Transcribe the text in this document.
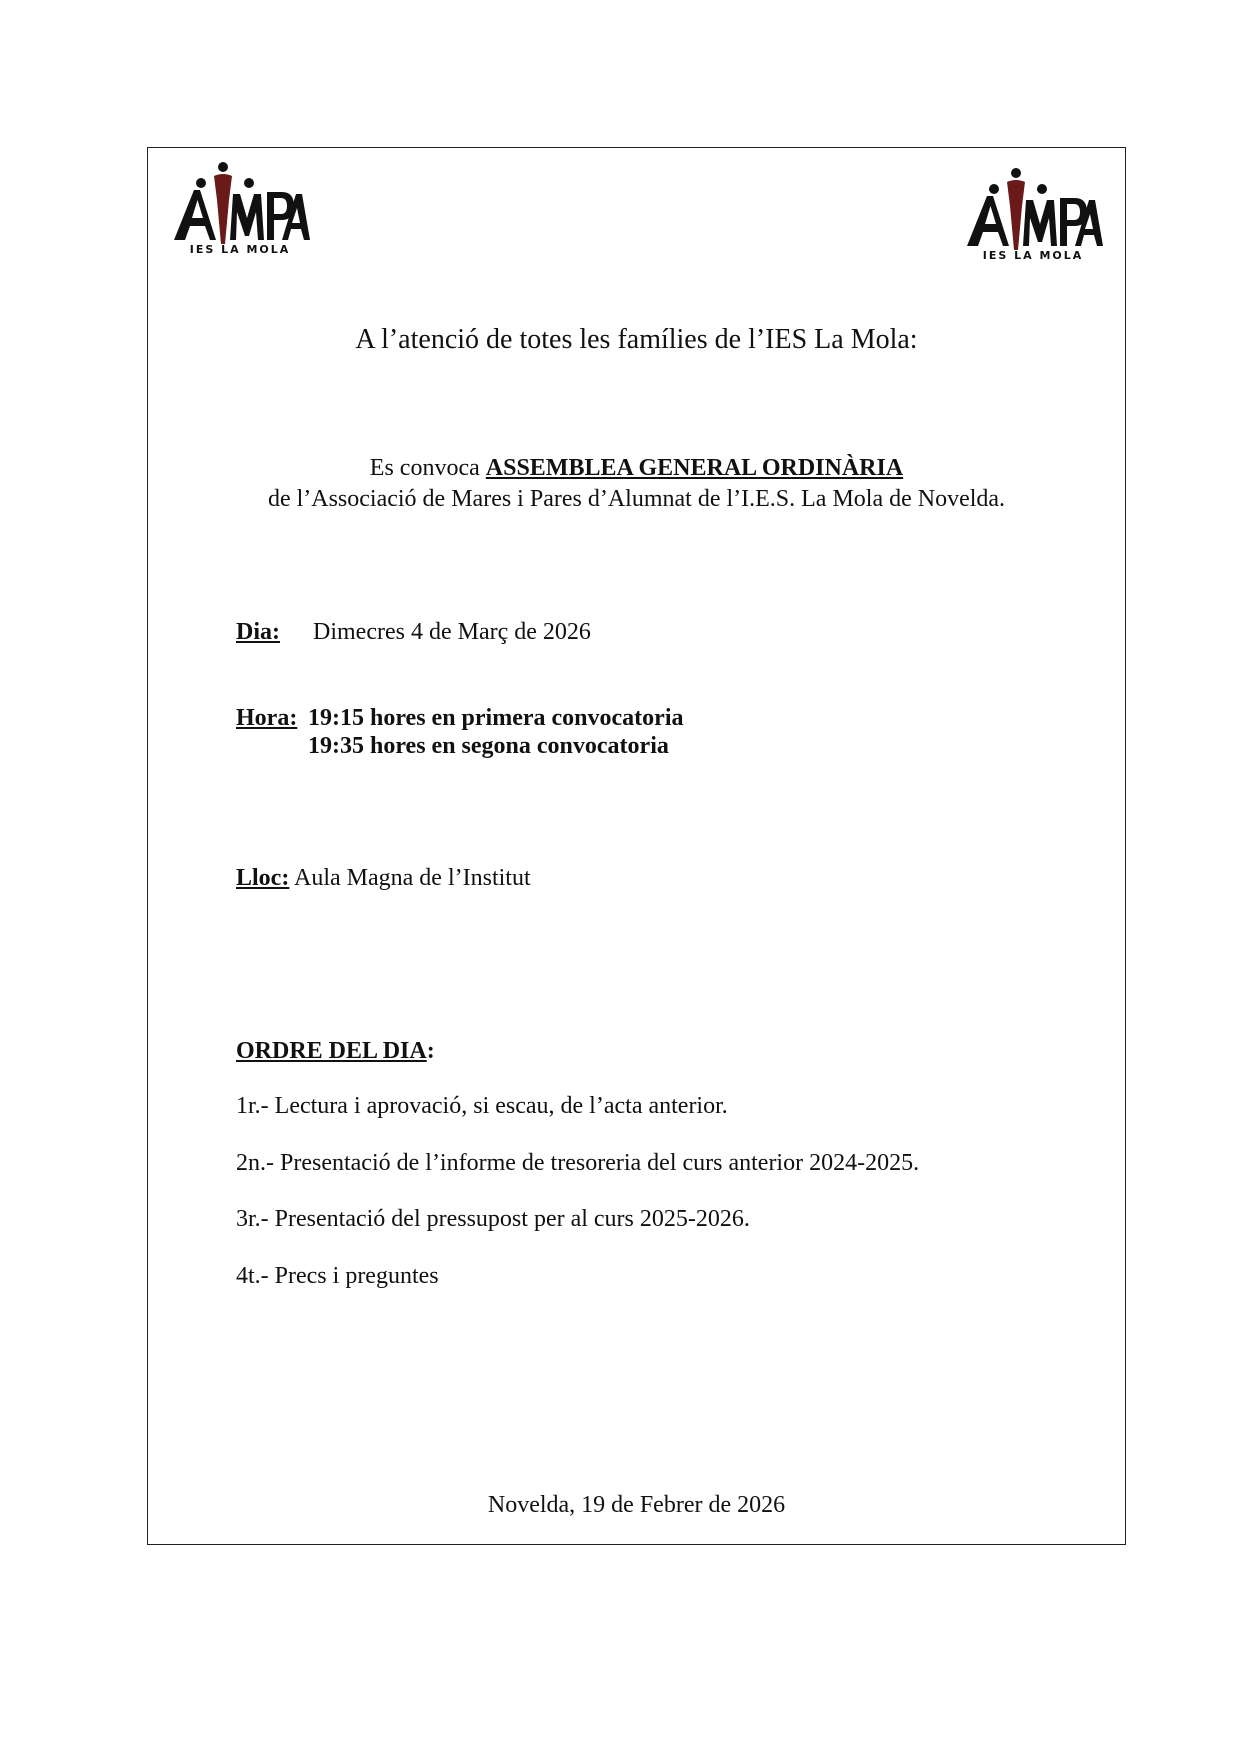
IES LA MOLA	IES LA MOLA
A l’atenció de totes les famílies de l’IES La Mola:
Es convoca ASSEMBLEA GENERAL ORDINÀRIA
de l’Associació de Mares i Pares d’Alumnat de l’I.E.S. La Mola de Novelda.
Dia: Dimecres 4 de Març de 2026
Hora: 19:15 hores en primera convocatoria
19:35 hores en segona convocatoria
Lloc: Aula Magna de l’Institut
ORDRE DEL DIA:
1r.- Lectura i aprovació, si escau, de l’acta anterior.
2n.- Presentació de l’informe de tresoreria del curs anterior 2024-2025.
3r.- Presentació del pressupost per al curs 2025-2026.
4t.- Precs i preguntes
Novelda, 19 de Febrer de 2026
